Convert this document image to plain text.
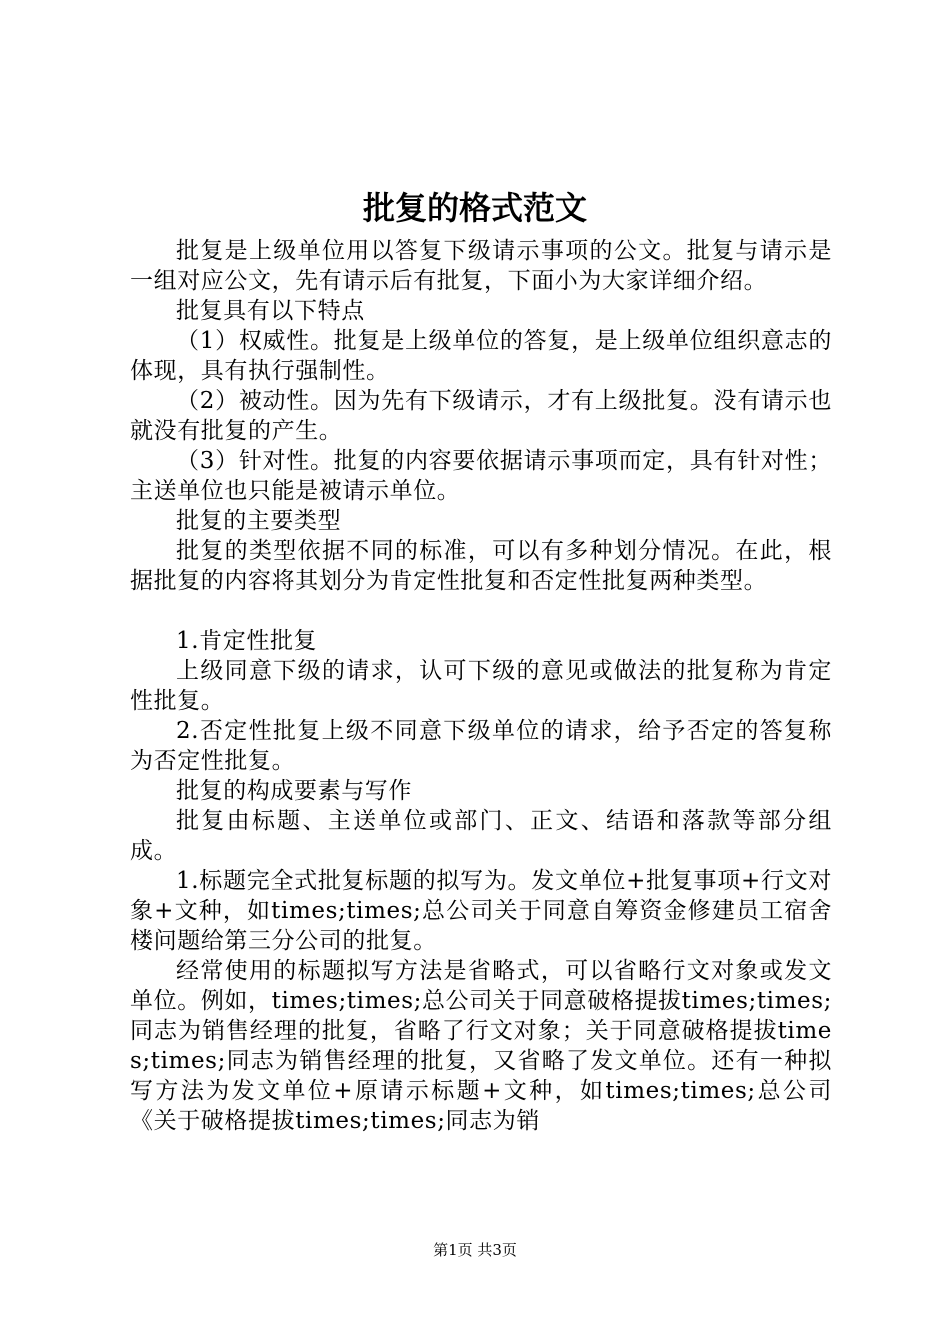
批复的格式范文

批复是上级单位用以答复下级请示事项的公文。批复与请示是一组对应公文，先有请示后有批复，下面小为大家详细介绍。

批复具有以下特点

（1）权威性。批复是上级单位的答复，是上级单位组织意志的体现，具有执行强制性。

（2）被动性。因为先有下级请示，才有上级批复。没有请示也就没有批复的产生。

（3）针对性。批复的内容要依据请示事项而定，具有针对性；主送单位也只能是被请示单位。

批复的主要类型

批复的类型依据不同的标准，可以有多种划分情况。在此，根据批复的内容将其划分为肯定性批复和否定性批复两种类型。

1.肯定性批复

上级同意下级的请求，认可下级的意见或做法的批复称为肯定性批复。

2.否定性批复上级不同意下级单位的请求，给予否定的答复称为否定性批复。

批复的构成要素与写作

批复由标题、主送单位或部门、正文、结语和落款等部分组成。

1.标题完全式批复标题的拟写为。发文单位+批复事项+行文对象+文种，如times;times;总公司关于同意自筹资金修建员工宿舍楼问题给第三分公司的批复。

经常使用的标题拟写方法是省略式，可以省略行文对象或发文单位。例如，times;times;总公司关于同意破格提拔times;times;同志为销售经理的批复，省略了行文对象；关于同意破格提拔times;times;同志为销售经理的批复，又省略了发文单位。还有一种拟写方法为发文单位+原请示标题+文种，如times;times;总公司《关于破格提拔times;times;同志为销

第1页 共3页
